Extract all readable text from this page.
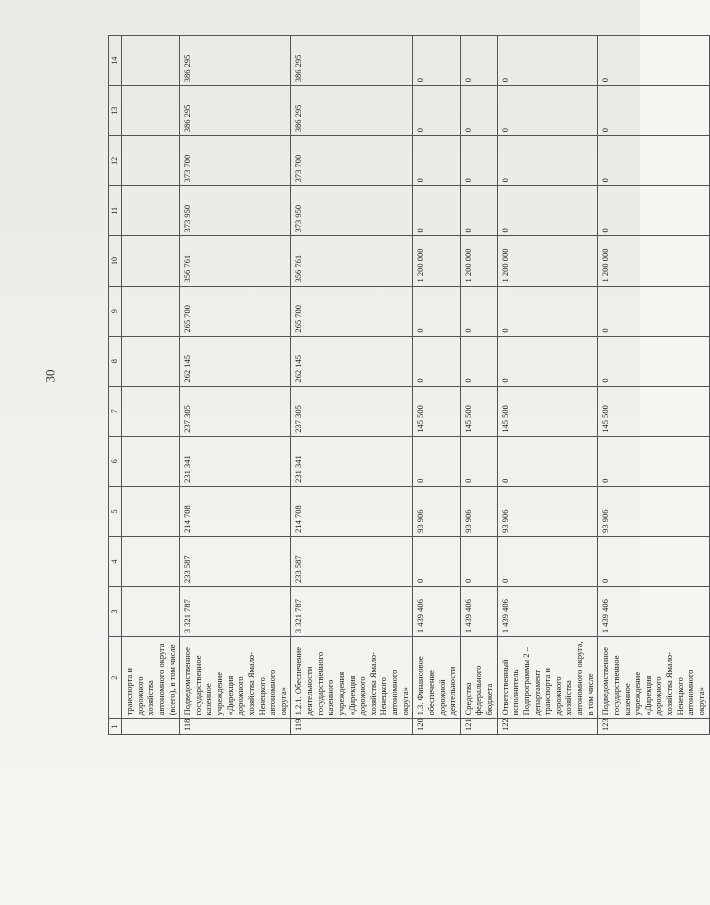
30
1	2	3	4	5	6	7	8	9	10	11	12	13	14
	транспорта и дорожного хозяйства автономного округа (всего), в том числе												
118	Подведомственное государственное казенное учреждение «Дирекция дорожного хозяйства Ямало-Ненецкого автономного округа»	3 321 787	233 587	214 708	231 341	237 305	262 145	265 700	356 761	373 950	373 700	386 295	386 295
119	1.2.1. Обеспечение деятельности государственного казенного учреждения «Дирекция дорожного хозяйства Ямало-Ненецкого автономного округа»	3 321 787	233 587	214 708	231 341	237 305	262 145	265 700	356 761	373 950	373 700	386 295	386 295
120	1.3. Финансовое обеспечение дорожной деятельности	1 439 406	0	93 906	0	145 500	0	0	1 200 000	0	0	0	0
121	Средства федерального бюджета	1 439 406	0	93 906	0	145 500	0	0	1 200 000	0	0	0	0
122	Ответственный исполнитель Подпрограммы 2 – департамент транспорта и дорожного хозяйства автономного округа, в том числе	1 439 406	0	93 906	0	145 500	0	0	1 200 000	0	0	0	0
123	Подведомственное государственное казенное учреждение «Дирекция дорожного хозяйства Ямало-Ненецкого автономного округа»	1 439 406	0	93 906	0	145 500	0	0	1 200 000	0	0	0	0
